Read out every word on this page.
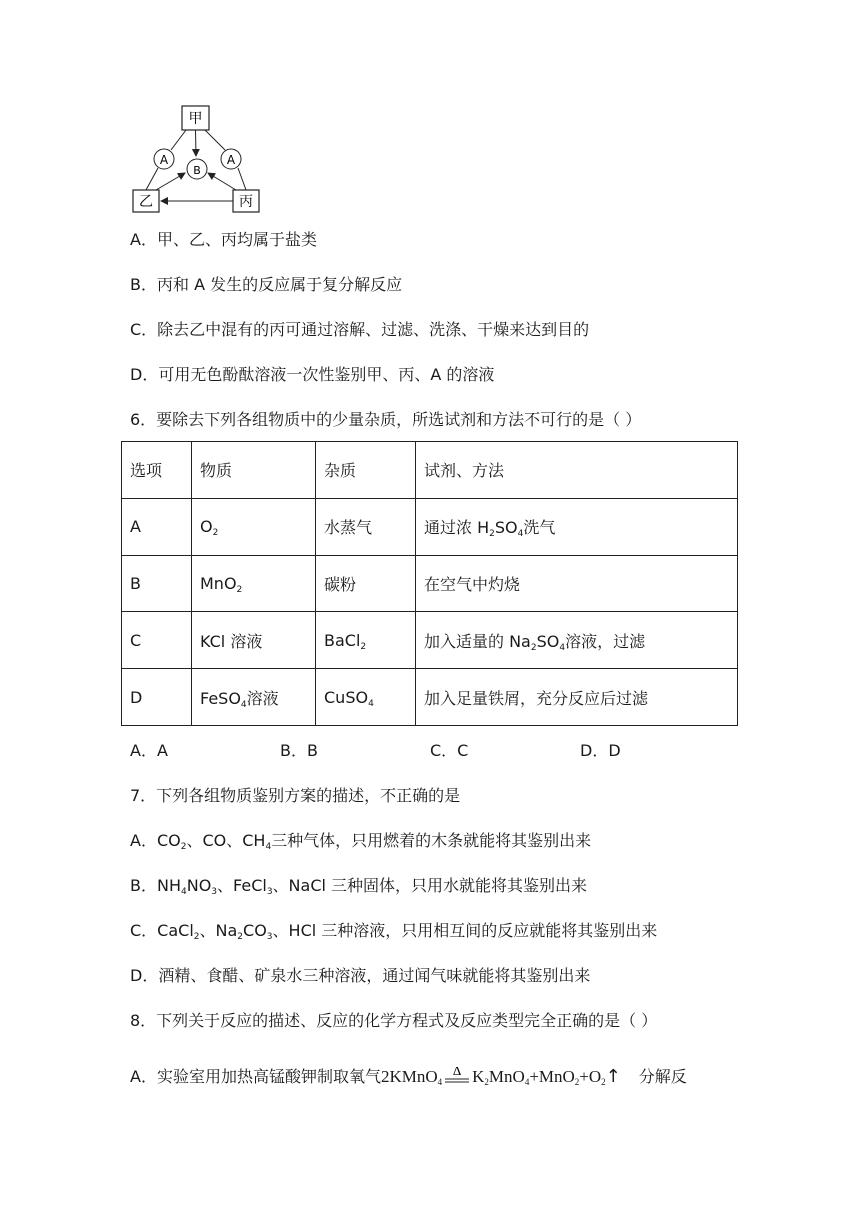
甲
乙	丙
A	A
B
A．甲、乙、丙均属于盐类
B．丙和 A 发生的反应属于复分解反应
C．除去乙中混有的丙可通过溶解、过滤、洗涤、干燥来达到目的
D．可用无色酚酞溶液一次性鉴别甲、丙、A 的溶液
6．要除去下列各组物质中的少量杂质，所选试剂和方法不可行的是（ ）
选项	物质	杂质	试剂、方法
A	$O_2$	水蒸气	通过浓 $H_2SO_4$洗气
B	MnO$_2$	碳粉	在空气中灼烧
C	KCl 溶液	BaCl$_2$	加入适量的 $Na_2SO_4$溶液，过滤
D	FeSO$_4$溶液	CuSO$_4$	加入足量铁屑，充分反应后过滤
A．A	B．B	C．C	D．D
7．下列各组物质鉴别方案的描述，不正确的是
A．$CO_2$、CO、$CH_4$三种气体，只用燃着的木条就能将其鉴别出来
B．$NH_4NO_3$、FeCl$_3$、NaCl 三种固体，只用水就能将其鉴别出来
C．CaCl$_2$、$Na_2CO_3$、HCl 三种溶液，只用相互间的反应就能将其鉴别出来
D．酒精、食醋、矿泉水三种溶液，通过闻气味就能将其鉴别出来
8．下列关于反应的描述、反应的化学方程式及反应类型完全正确的是（ ）
A．实验室用加热高锰酸钾制取氧气2KMnO$_4$
Δ $K_2MnO_4+MnO_2+O_2↑$ 分解反
